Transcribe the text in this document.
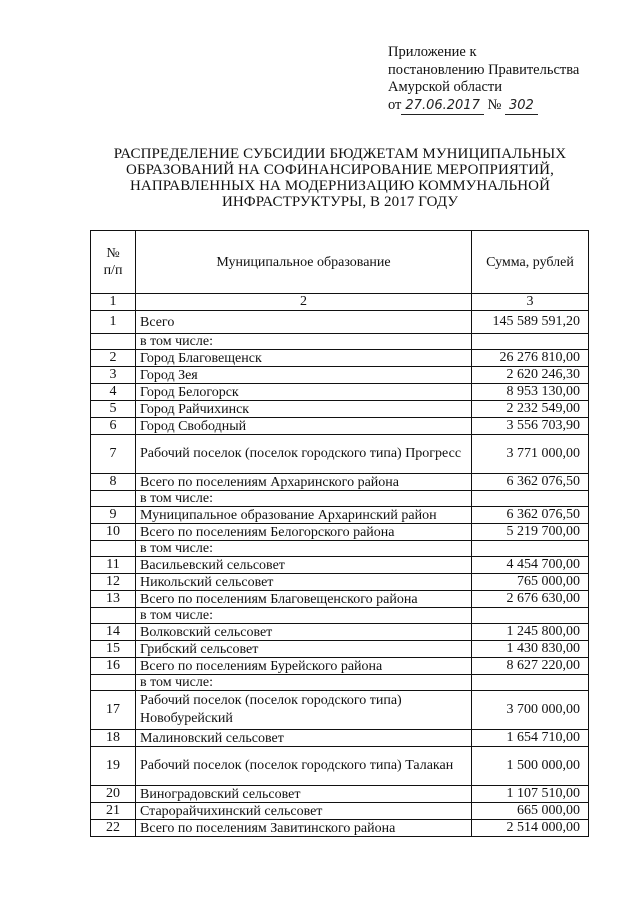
Приложение к
постановлению Правительства
Амурской области
от 27.06.2017 № 302
РАСПРЕДЕЛЕНИЕ СУБСИДИИ БЮДЖЕТАМ МУНИЦИПАЛЬНЫХ
ОБРАЗОВАНИЙ НА СОФИНАНСИРОВАНИЕ МЕРОПРИЯТИЙ,
НАПРАВЛЕННЫХ НА МОДЕРНИЗАЦИЮ КОММУНАЛЬНОЙ
ИНФРАСТРУКТУРЫ, В 2017 ГОДУ
№
п/п	Муниципальное образование	Сумма, рублей
1	2	3
1	Всего	145 589 591,20
	в том числе:	
2	Город Благовещенск	26 276 810,00
3	Город Зея	2 620 246,30
4	Город Белогорск	8 953 130,00
5	Город Райчихинск	2 232 549,00
6	Город Свободный	3 556 703,90
7	Рабочий поселок (поселок городского типа) Прогресс	3 771 000,00
8	Всего по поселениям Архаринского района	6 362 076,50
	в том числе:	
9	Муниципальное образование Архаринский район	6 362 076,50
10	Всего по поселениям Белогорского района	5 219 700,00
	в том числе:	
11	Васильевский сельсовет	4 454 700,00
12	Никольский сельсовет	765 000,00
13	Всего по поселениям Благовещенского района	2 676 630,00
	в том числе:	
14	Волковский сельсовет	1 245 800,00
15	Грибский сельсовет	1 430 830,00
16	Всего по поселениям Бурейского района	8 627 220,00
	в том числе:	
17	Рабочий поселок (поселок городского типа) Новобурейский	3 700 000,00
18	Малиновский сельсовет	1 654 710,00
19	Рабочий поселок (поселок городского типа) Талакан	1 500 000,00
20	Виноградовский сельсовет	1 107 510,00
21	Старорайчихинский сельсовет	665 000,00
22	Всего по поселениям Завитинского района	2 514 000,00
